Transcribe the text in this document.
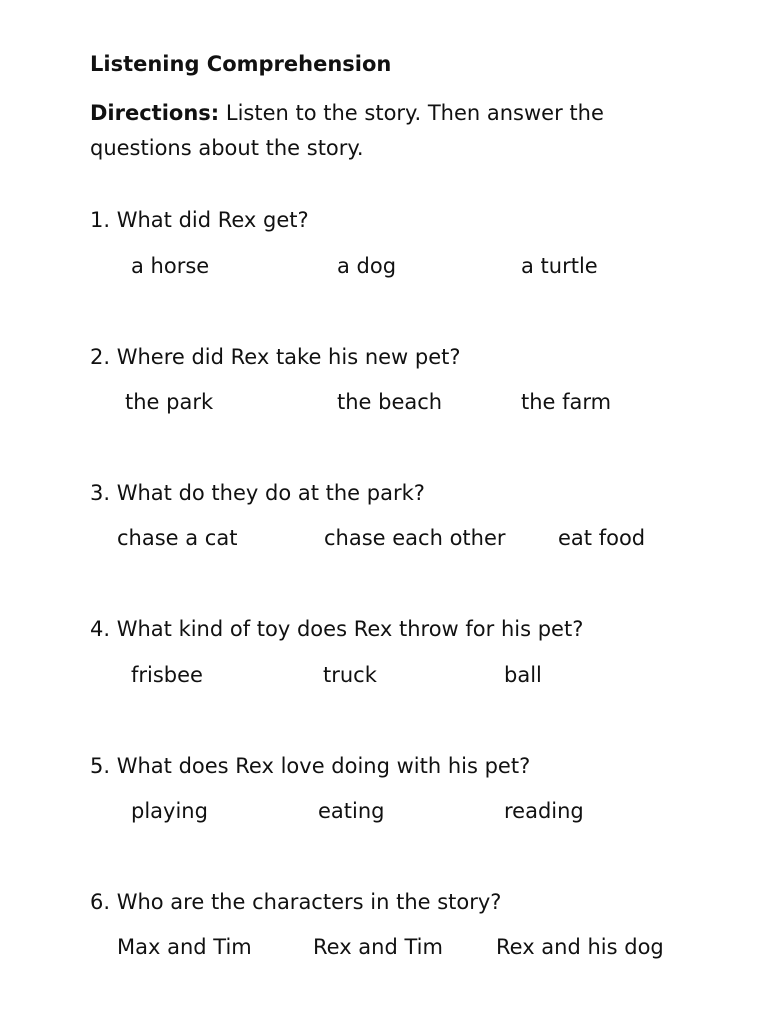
Listening Comprehension
Directions: Listen to the story. Then answer the questions about the story.
1. What did Rex get?
a horse	a dog	a turtle
2. Where did Rex take his new pet?
the park	the beach	the farm
3. What do they do at the park?
chase a cat	chase each other eat food
4. What kind of toy does Rex throw for his pet?
frisbee	truck	ball
5. What does Rex love doing with his pet?
playing	eating	reading
6. Who are the characters in the story?
Max and Tim	Rex and Tim	Rex and his dog
